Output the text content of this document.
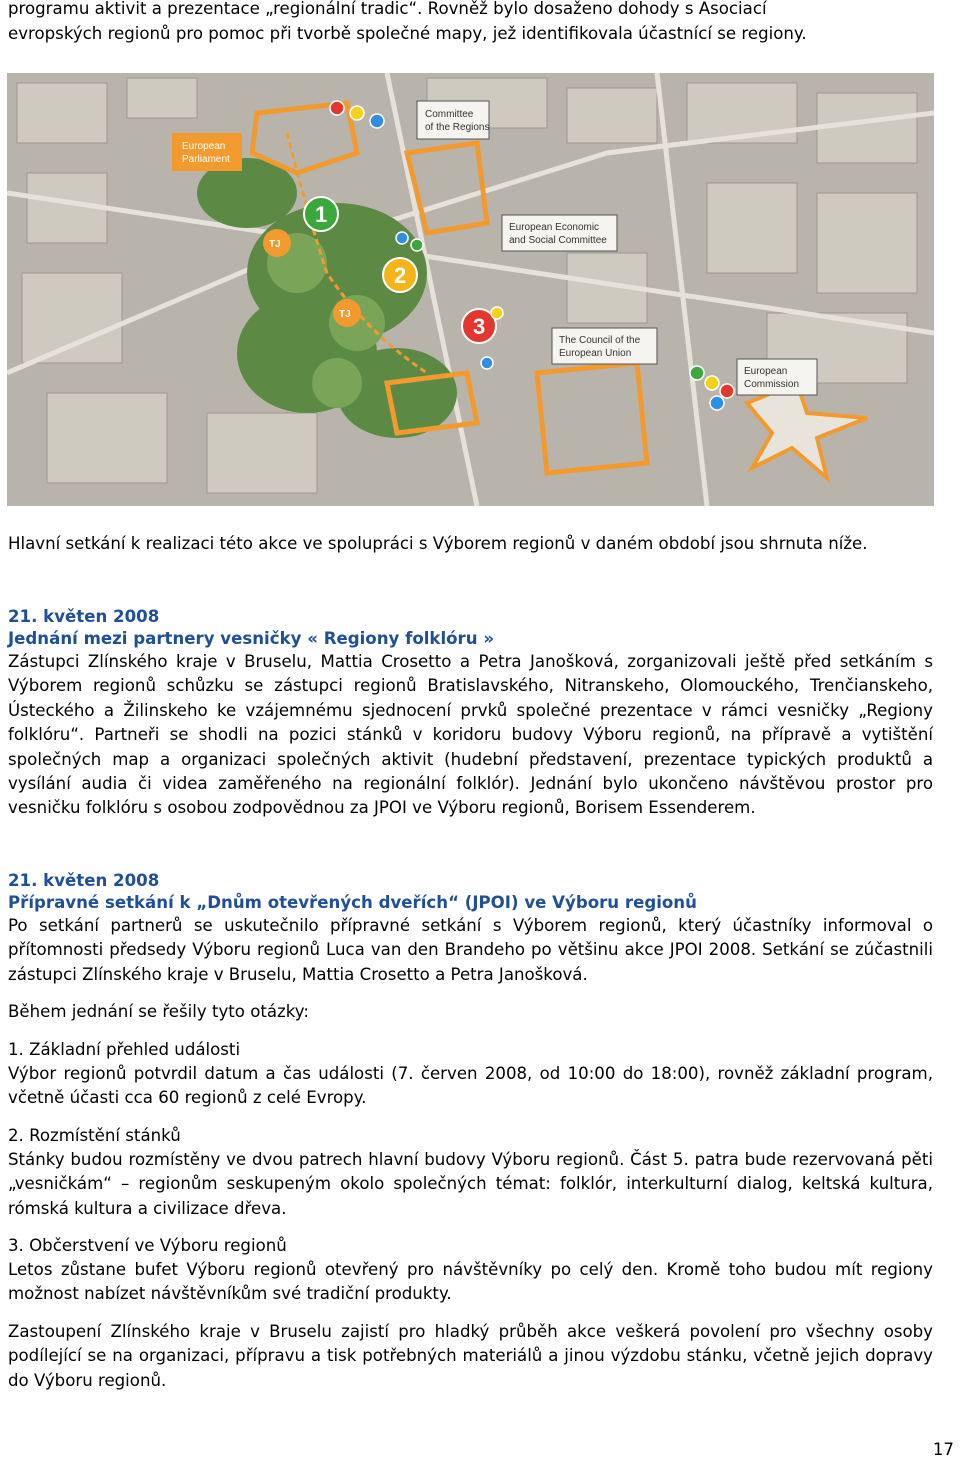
programu aktivit a prezentace „regionální tradic“. Rovněž bylo dosaženo dohody s Asociací

evropských regionů pro pomoc při tvorbě společné mapy, jež identifikovala účastnící se regiony.

European
Parliament
Committee
of the Regions
European Economic
and Social Committee
The Council of the
European Union
European
Commission
TJ
TJ
1
2
3

Hlavní setkání k realizaci této akce ve spolupráci s Výborem regionů v daném období jsou shrnuta níže.

21. květen 2008

Jednání mezi partnery vesničky « Regiony folklóru »

Zástupci Zlínského kraje v Bruselu, Mattia Crosetto a Petra Janošková, zorganizovali ještě před setkáním s Výborem regionů schůzku se zástupci regionů Bratislavského, Nitranskeho, Olomouckého, Trenčianskeho, Ústeckého a Žilinskeho ke vzájemnému sjednocení prvků společné prezentace v rámci vesničky „Regiony folklóru“. Partneři se shodli na pozici stánků v koridoru budovy Výboru regionů, na přípravě a vytištění společných map a organizaci společných aktivit (hudební představení, prezentace typických produktů a vysílání audia či videa zaměřeného na regionální folklór). Jednání bylo ukončeno návštěvou prostor pro vesničku folklóru s osobou zodpovědnou za JPOI ve Výboru regionů, Borisem Essenderem.

21. květen 2008

Přípravné setkání k „Dnům otevřených dveřích“ (JPOI) ve Výboru regionů

Po setkání partnerů se uskutečnilo přípravné setkání s Výborem regionů, který účastníky informoval o přítomnosti předsedy Výboru regionů Luca van den Brandeho po většinu akce JPOI 2008. Setkání se zúčastnili zástupci Zlínského kraje v Bruselu, Mattia Crosetto a Petra Janošková.

Během jednání se řešily tyto otázky:

1. Základní přehled události

Výbor regionů potvrdil datum a čas události (7. červen 2008, od 10:00 do 18:00), rovněž základní program, včetně účasti cca 60 regionů z celé Evropy.

2. Rozmístění stánků

Stánky budou rozmístěny ve dvou patrech hlavní budovy Výboru regionů. Část 5. patra bude rezervovaná pěti „vesničkám“ – regionům seskupeným okolo společných témat: folklór, interkulturní dialog, keltská kultura, rómská kultura a civilizace dřeva.

3. Občerstvení ve Výboru regionů

Letos zůstane bufet Výboru regionů otevřený pro návštěvníky po celý den. Kromě toho budou mít regiony možnost nabízet návštěvníkům své tradiční produkty.

Zastoupení Zlínského kraje v Bruselu zajistí pro hladký průběh akce veškerá povolení pro všechny osoby podílející se na organizaci, přípravu a tisk potřebných materiálů a jinou výzdobu stánku, včetně jejich dopravy do Výboru regionů.

17
